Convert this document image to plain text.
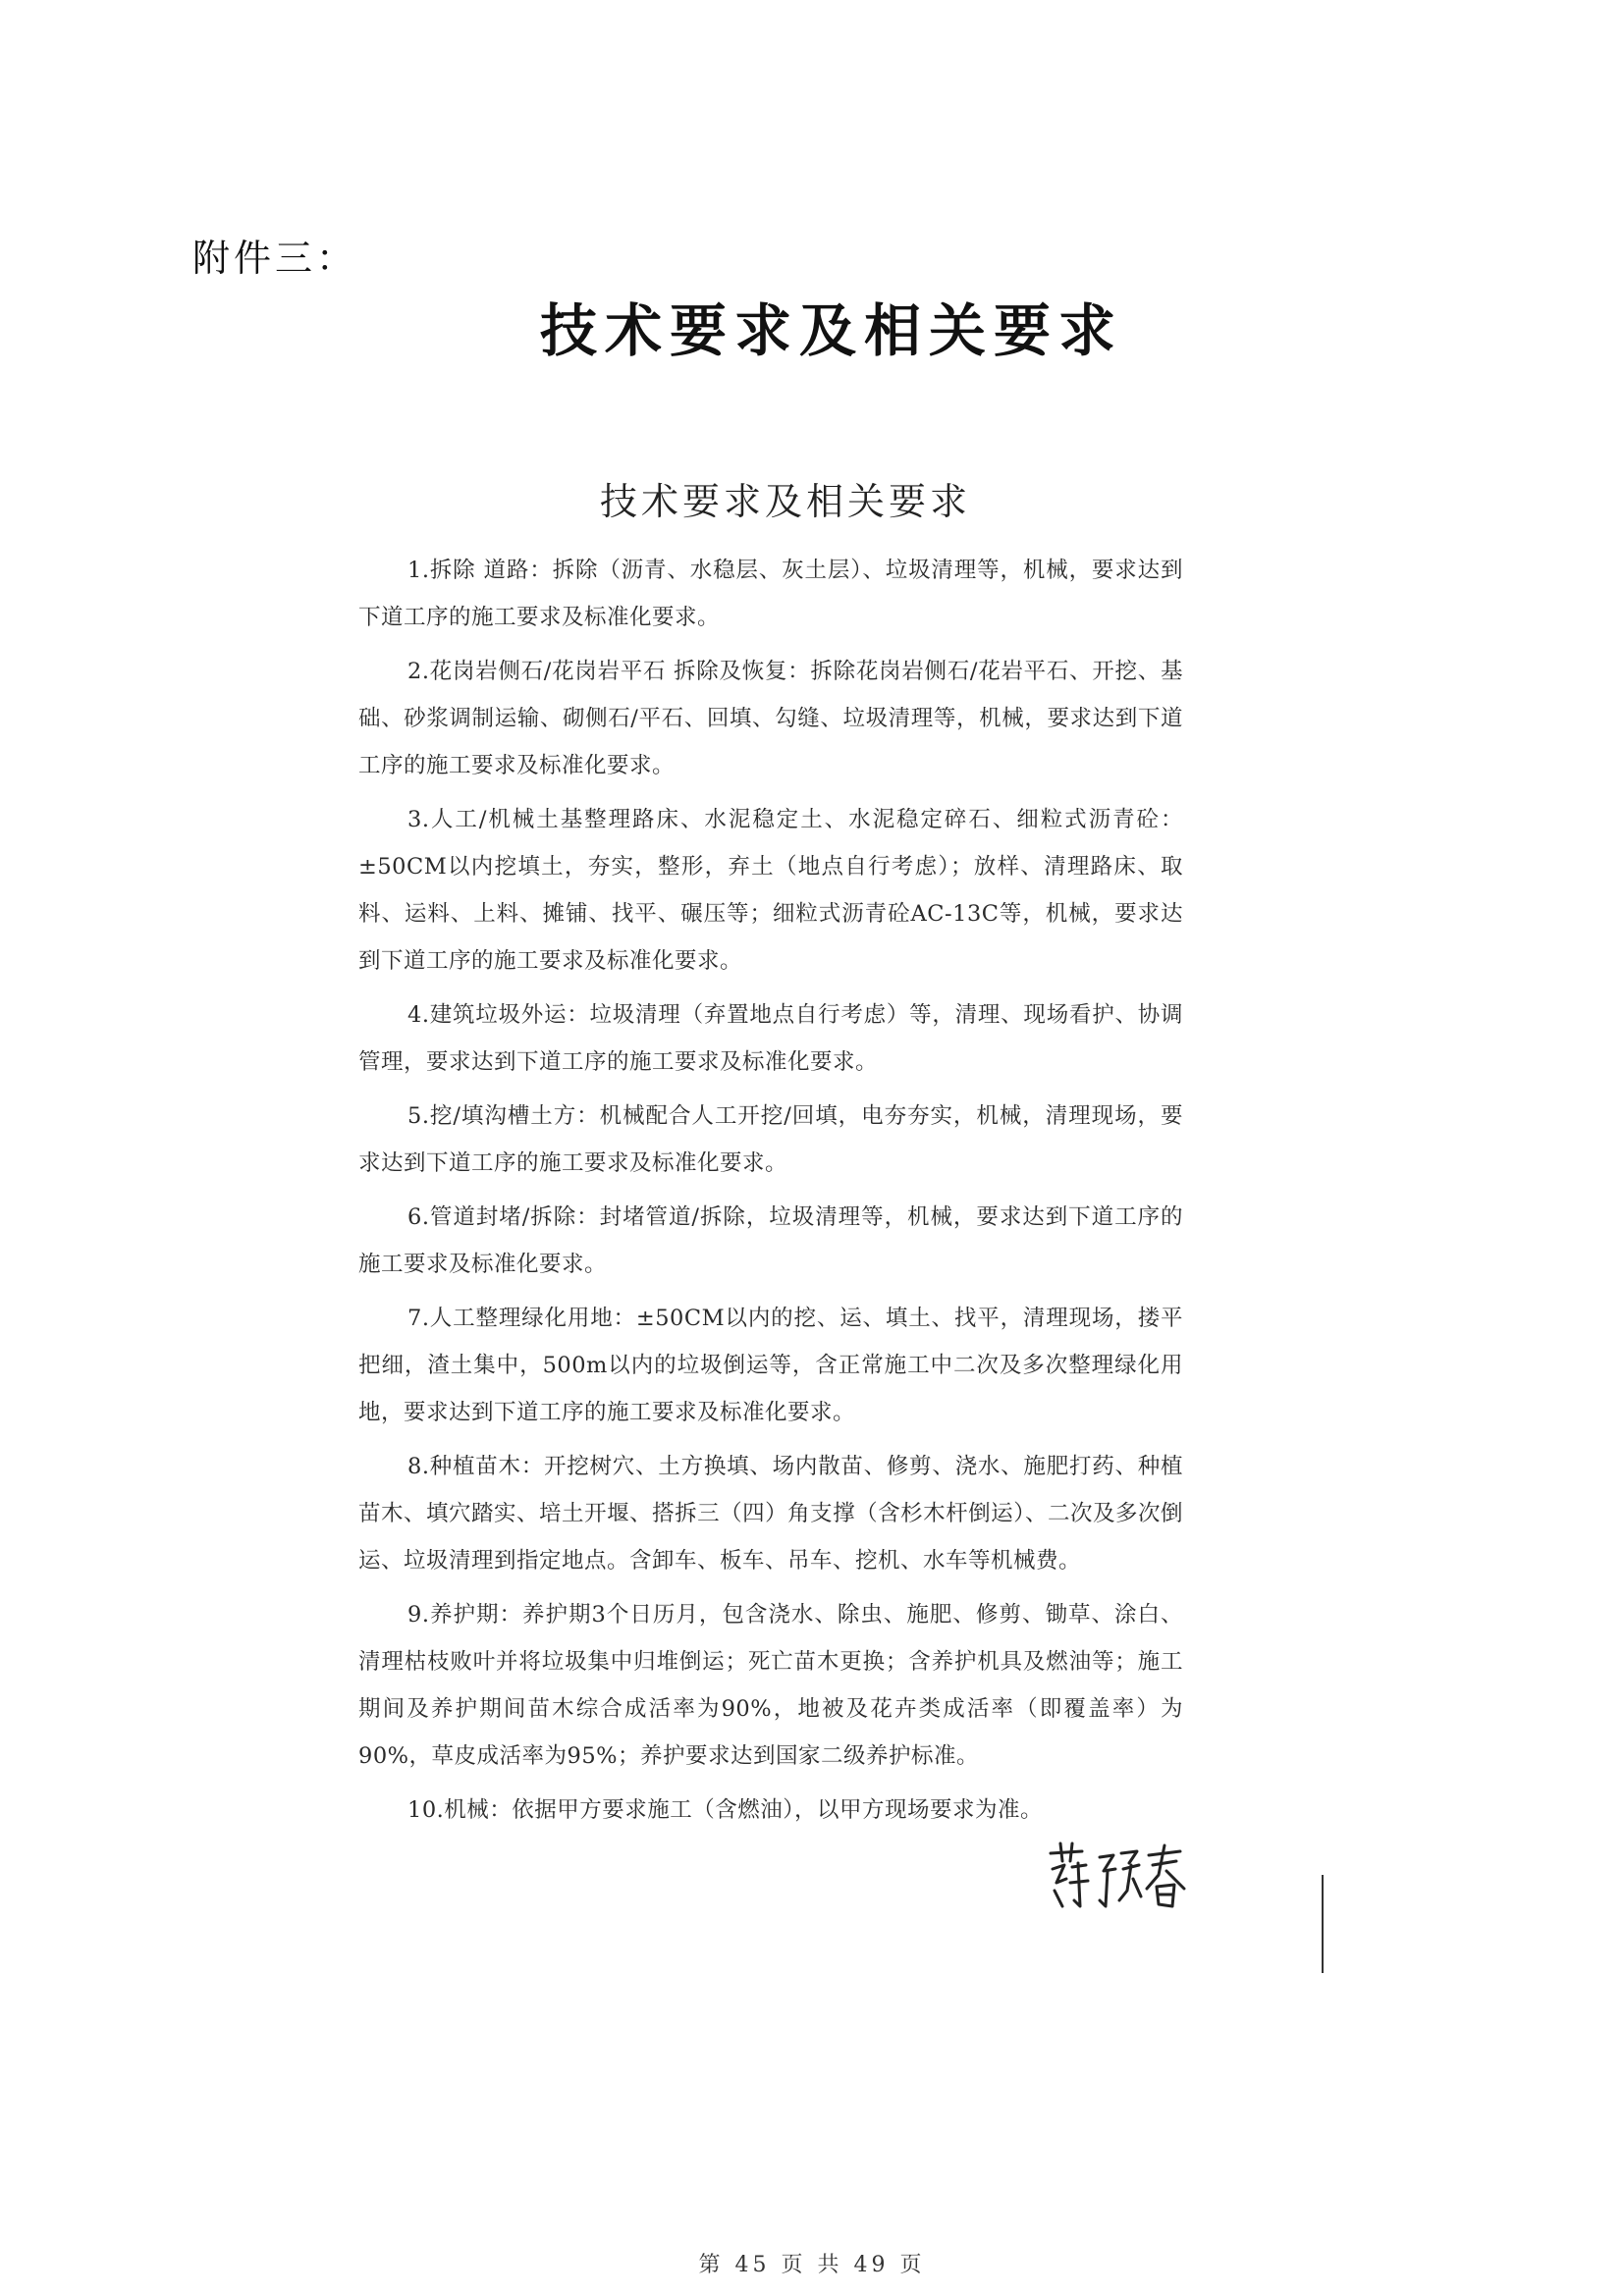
附件三：
技术要求及相关要求
技术要求及相关要求

1.拆除 道路：拆除（沥青、水稳层、灰土层）、垃圾清理等，机械，要求达到下道工序的施工要求及标准化要求。

2.花岗岩侧石/花岗岩平石 拆除及恢复：拆除花岗岩侧石/花岩平石、开挖、基础、砂浆调制运输、砌侧石/平石、回填、勾缝、垃圾清理等，机械，要求达到下道工序的施工要求及标准化要求。

3.人工/机械土基整理路床、水泥稳定土、水泥稳定碎石、细粒式沥青砼：±50CM以内挖填土，夯实，整形，弃土（地点自行考虑）；放样、清理路床、取料、运料、上料、摊铺、找平、碾压等；细粒式沥青砼AC-13C等，机械，要求达到下道工序的施工要求及标准化要求。

4.建筑垃圾外运：垃圾清理（弃置地点自行考虑）等，清理、现场看护、协调管理，要求达到下道工序的施工要求及标准化要求。

5.挖/填沟槽土方：机械配合人工开挖/回填，电夯夯实，机械，清理现场，要求达到下道工序的施工要求及标准化要求。

6.管道封堵/拆除：封堵管道/拆除，垃圾清理等，机械，要求达到下道工序的施工要求及标准化要求。

7.人工整理绿化用地：±50CM以内的挖、运、填土、找平，清理现场，搂平把细，渣土集中，500m以内的垃圾倒运等，含正常施工中二次及多次整理绿化用地，要求达到下道工序的施工要求及标准化要求。

8.种植苗木：开挖树穴、土方换填、场内散苗、修剪、浇水、施肥打药、种植苗木、填穴踏实、培土开堰、搭拆三（四）角支撑（含杉木杆倒运）、二次及多次倒运、垃圾清理到指定地点。含卸车、板车、吊车、挖机、水车等机械费。

9.养护期：养护期3个日历月，包含浇水、除虫、施肥、修剪、锄草、涂白、清理枯枝败叶并将垃圾集中归堆倒运；死亡苗木更换；含养护机具及燃油等；施工期间及养护期间苗木综合成活率为90%，地被及花卉类成活率（即覆盖率）为90%，草皮成活率为95%；养护要求达到国家二级养护标准。

10.机械：依据甲方要求施工（含燃油），以甲方现场要求为准。

第 45 页 共 49 页
